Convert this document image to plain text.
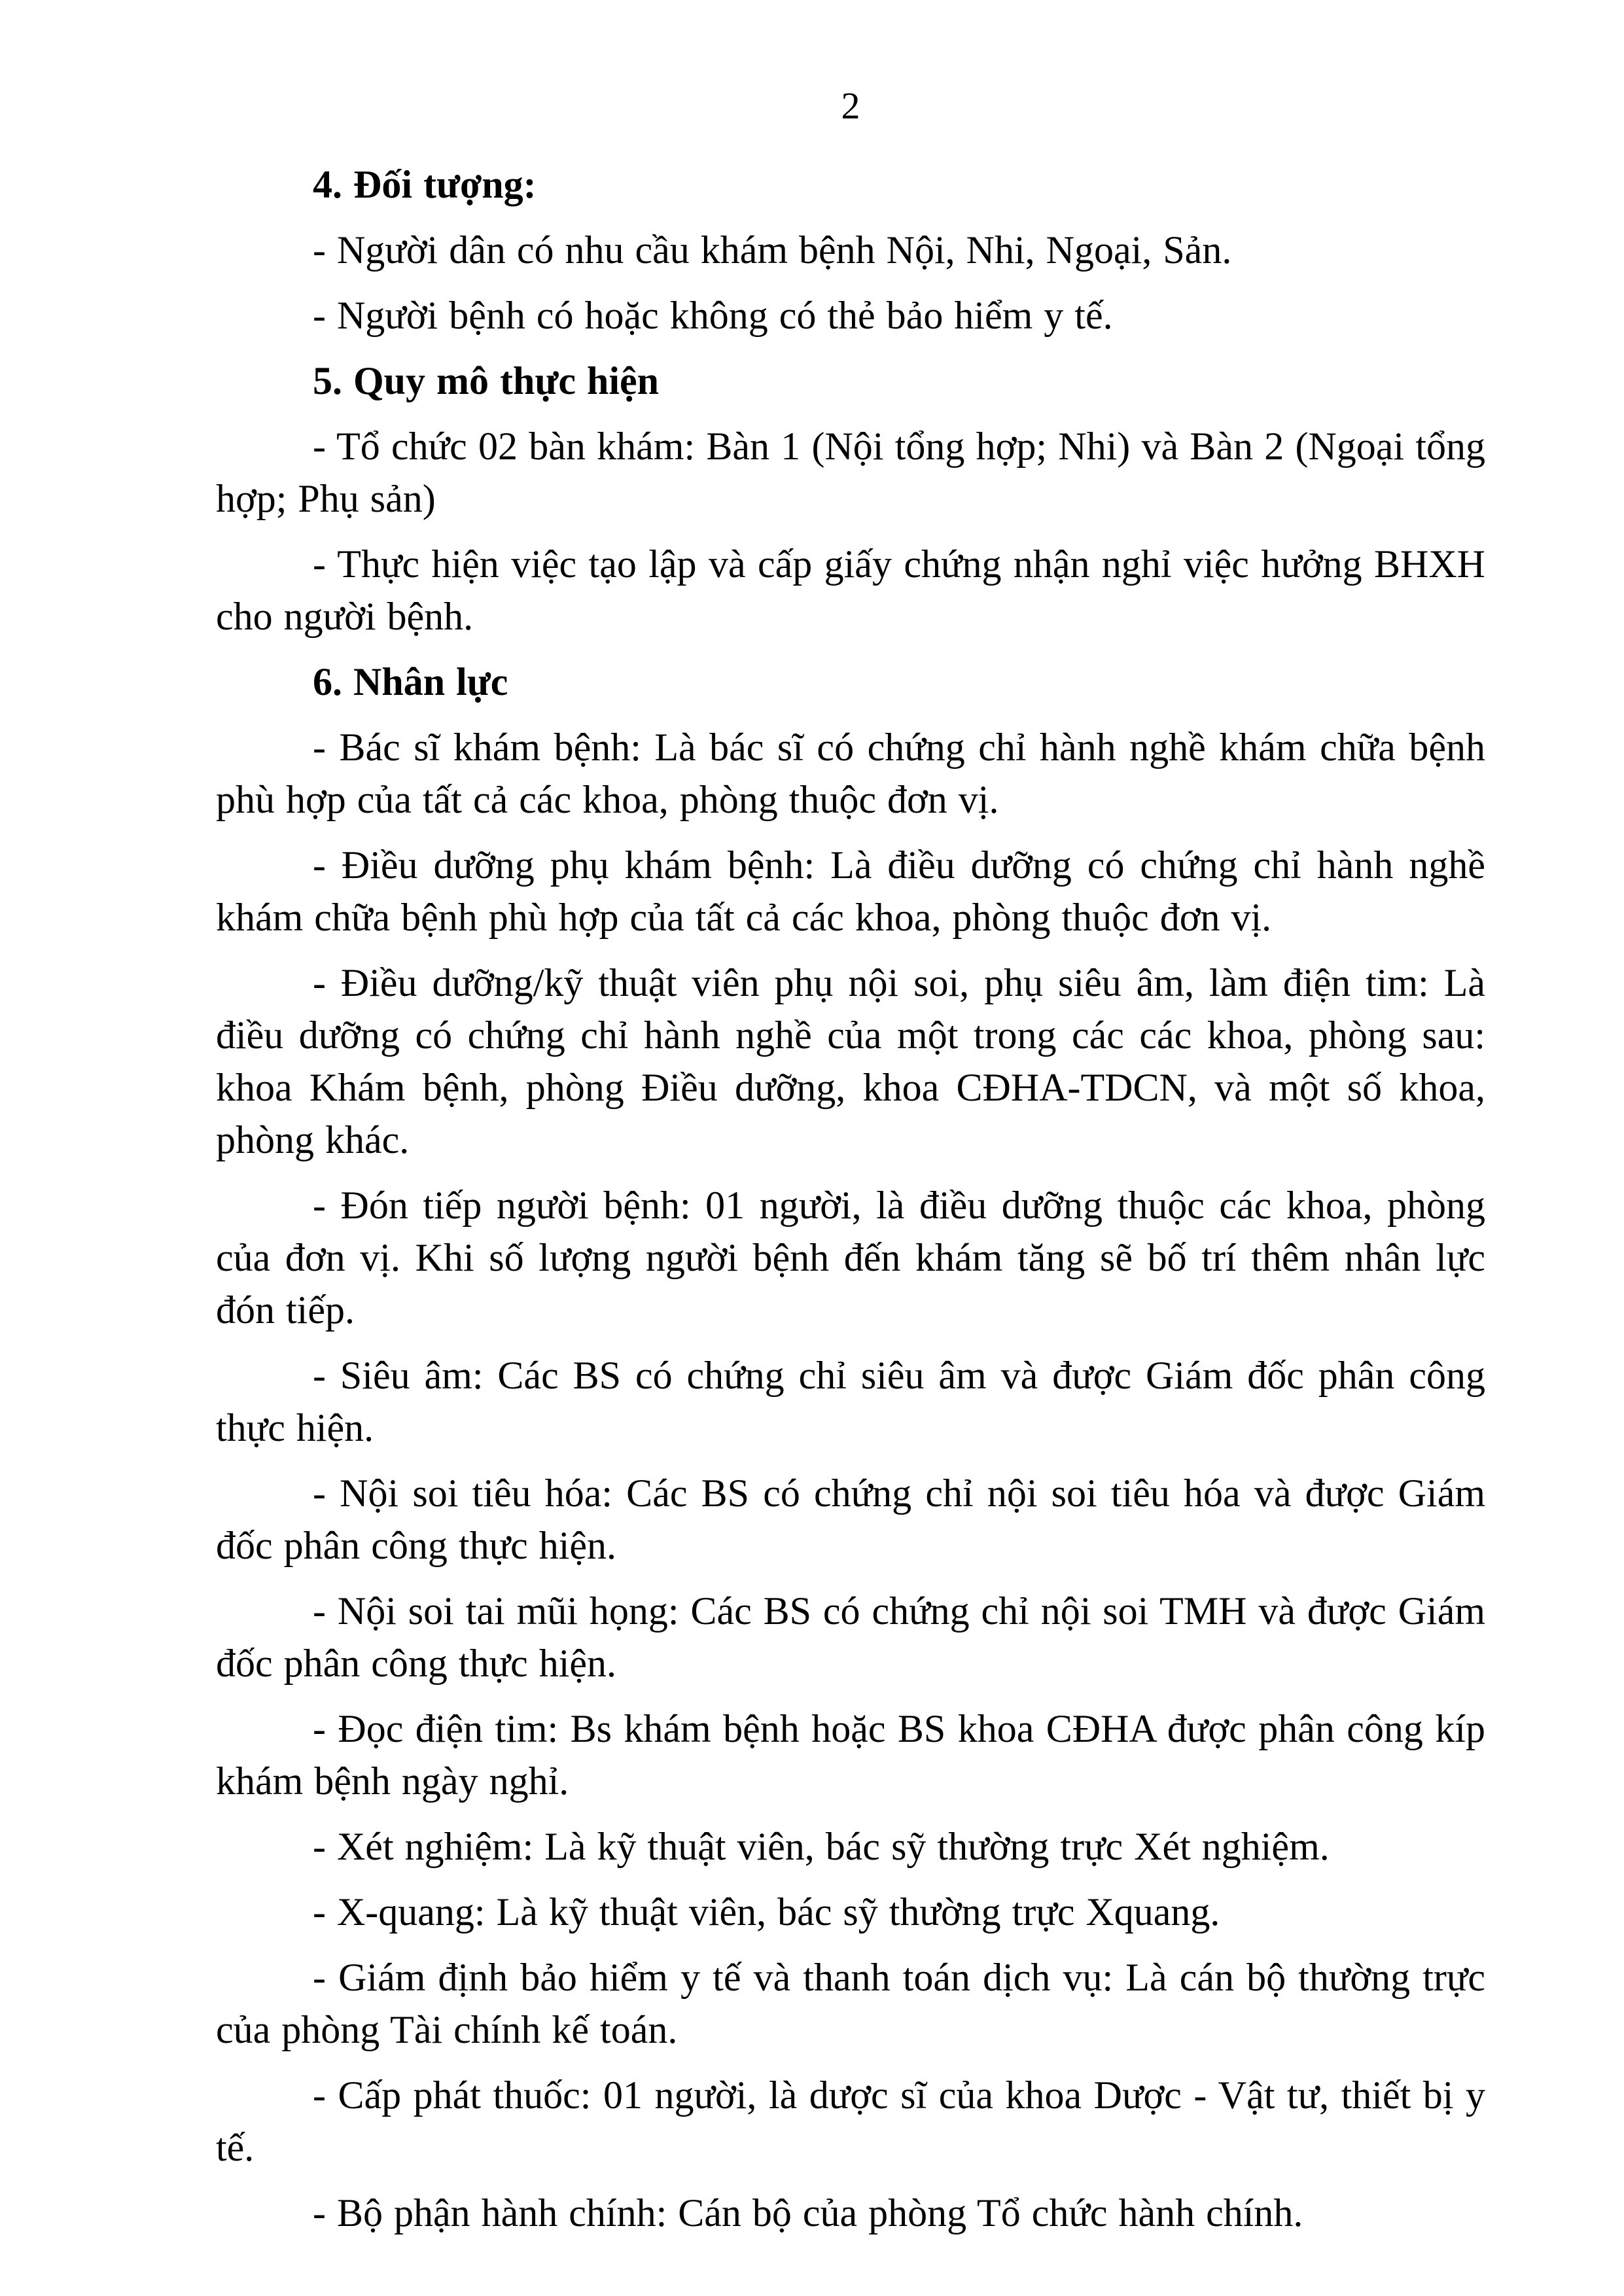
2

4. Đối tượng:

- Người dân có nhu cầu khám bệnh Nội, Nhi, Ngoại, Sản.

- Người bệnh có hoặc không có thẻ bảo hiểm y tế.

5. Quy mô thực hiện

- Tổ chức 02 bàn khám: Bàn 1 (Nội tổng hợp; Nhi) và Bàn 2 (Ngoại tổng hợp; Phụ sản)

- Thực hiện việc tạo lập và cấp giấy chứng nhận nghỉ việc hưởng BHXH cho người bệnh.

6. Nhân lực

- Bác sĩ khám bệnh: Là bác sĩ có chứng chỉ hành nghề khám chữa bệnh phù hợp của tất cả các khoa, phòng thuộc đơn vị.

- Điều dưỡng phụ khám bệnh: Là điều dưỡng có chứng chỉ hành nghề khám chữa bệnh phù hợp của tất cả các khoa, phòng thuộc đơn vị.

- Điều dưỡng/kỹ thuật viên phụ nội soi, phụ siêu âm, làm điện tim: Là điều dưỡng có chứng chỉ hành nghề của một trong các các khoa, phòng sau: khoa Khám bệnh, phòng Điều dưỡng, khoa CĐHA-TDCN, và một số khoa, phòng khác.

- Đón tiếp người bệnh: 01 người, là điều dưỡng thuộc các khoa, phòng của đơn vị. Khi số lượng người bệnh đến khám tăng sẽ bố trí thêm nhân lực đón tiếp.

- Siêu âm: Các BS có chứng chỉ siêu âm và được Giám đốc phân công thực hiện.

- Nội soi tiêu hóa: Các BS có chứng chỉ nội soi tiêu hóa và được Giám đốc phân công thực hiện.

- Nội soi tai mũi họng: Các BS có chứng chỉ nội soi TMH và được Giám đốc phân công thực hiện.

- Đọc điện tim: Bs khám bệnh hoặc BS khoa CĐHA được phân công kíp khám bệnh ngày nghỉ.

- Xét nghiệm: Là kỹ thuật viên, bác sỹ thường trực Xét nghiệm.

- X-quang: Là kỹ thuật viên, bác sỹ thường trực Xquang.

- Giám định bảo hiểm y tế và thanh toán dịch vụ: Là cán bộ thường trực của phòng Tài chính kế toán.

- Cấp phát thuốc: 01 người, là dược sĩ của khoa Dược - Vật tư, thiết bị y tế.

- Bộ phận hành chính: Cán bộ của phòng Tổ chức hành chính.
